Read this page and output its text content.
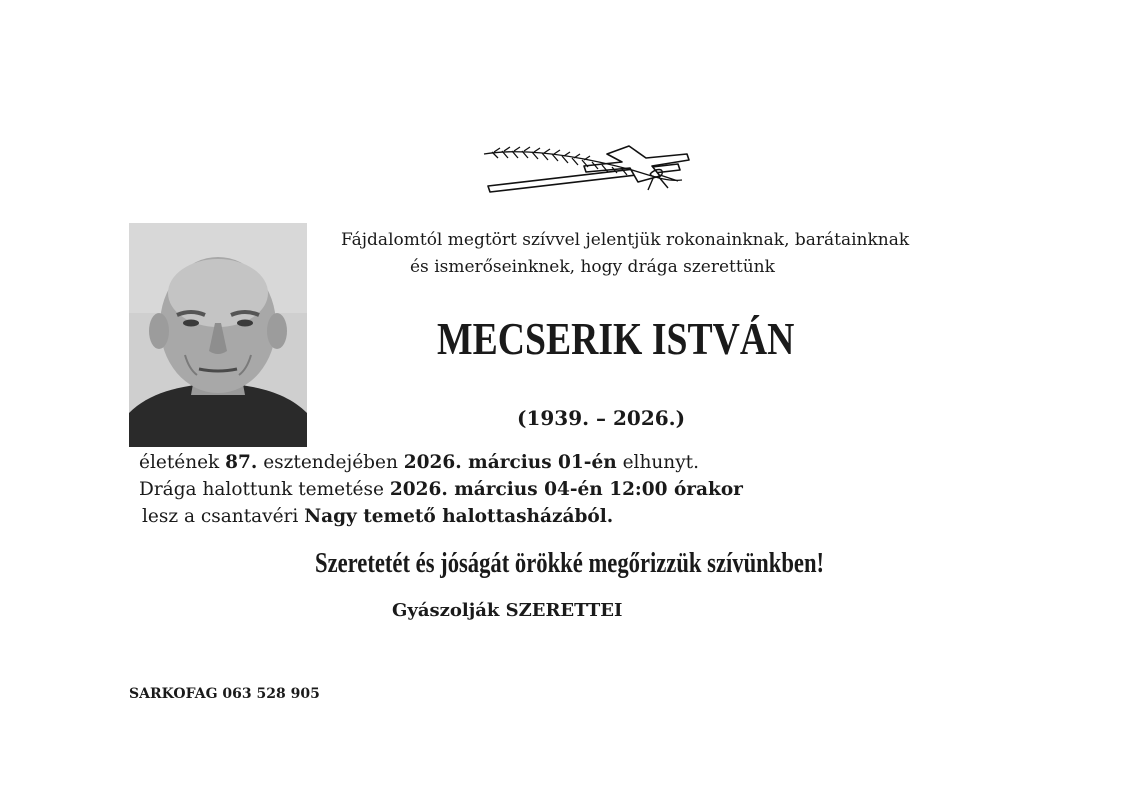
Fájdalomtól megtört szívvel jelentjük rokonainknak, barátainknak
és ismerőseinknek, hogy drága szerettünk
MECSERIK ISTVÁN
(1939. – 2026.)
életének 87. esztendejében 2026. március 01-én elhunyt.
Drága halottunk temetése 2026. március 04-én 12:00 órakor
lesz a csantavéri Nagy temető halottasházából.
Szeretetét és jóságát örökké megőrizzük szívünkben!
Gyászolják SZERETTEI
SARKOFAG 063 528 905
